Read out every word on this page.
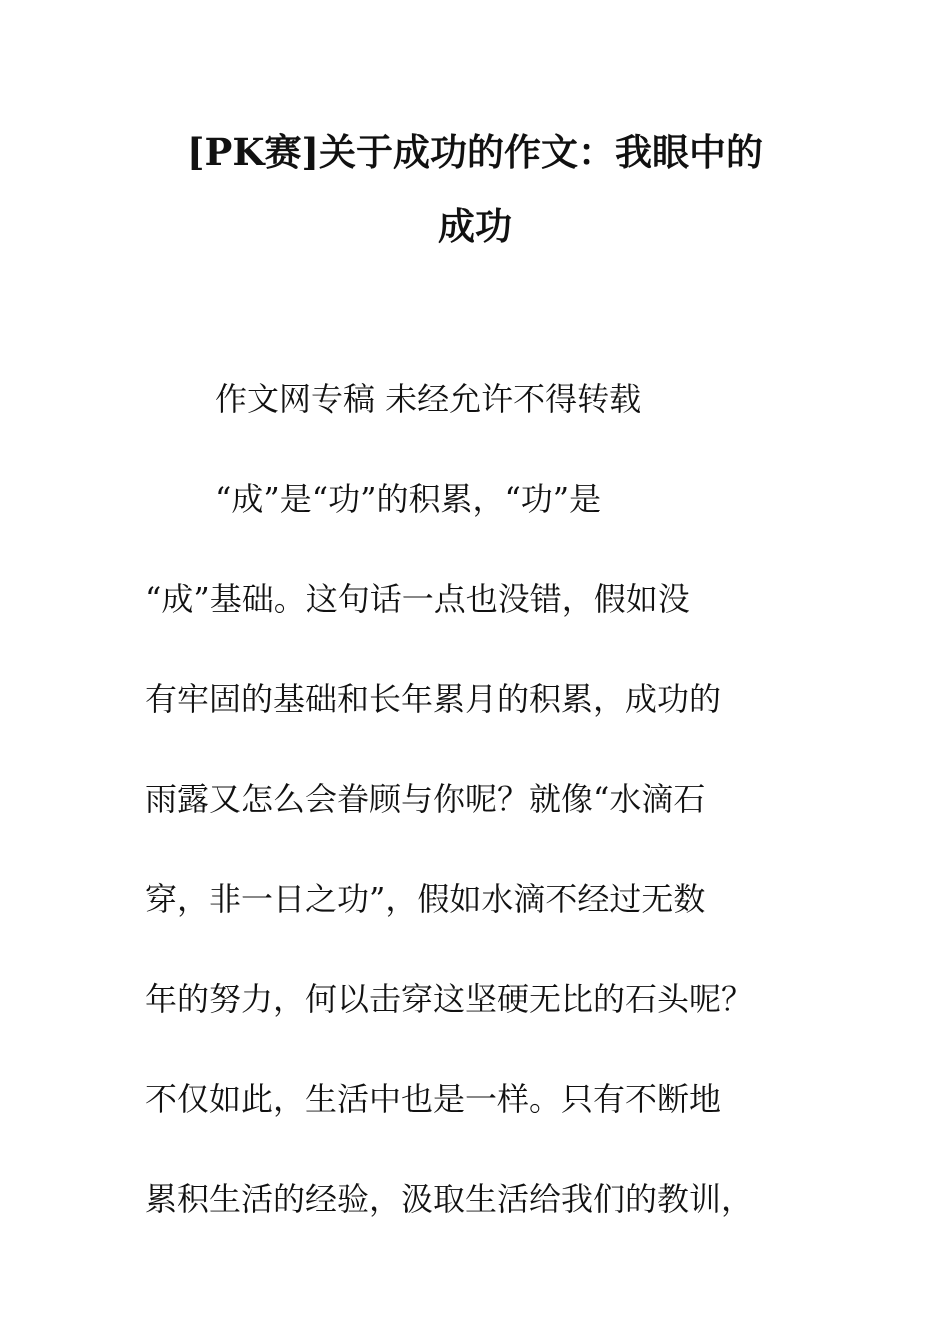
[PK赛]关于成功的作文：我眼中的
成功

作文网专稿 未经允许不得转载

“成”是“功”的积累，“功”是

“成”基础。这句话一点也没错，假如没

有牢固的基础和长年累月的积累，成功的

雨露又怎么会眷顾与你呢？就像“水滴石

穿，非一日之功”，假如水滴不经过无数

年的努力，何以击穿这坚硬无比的石头呢？

不仅如此，生活中也是一样。只有不断地

累积生活的经验，汲取生活给我们的教训，
